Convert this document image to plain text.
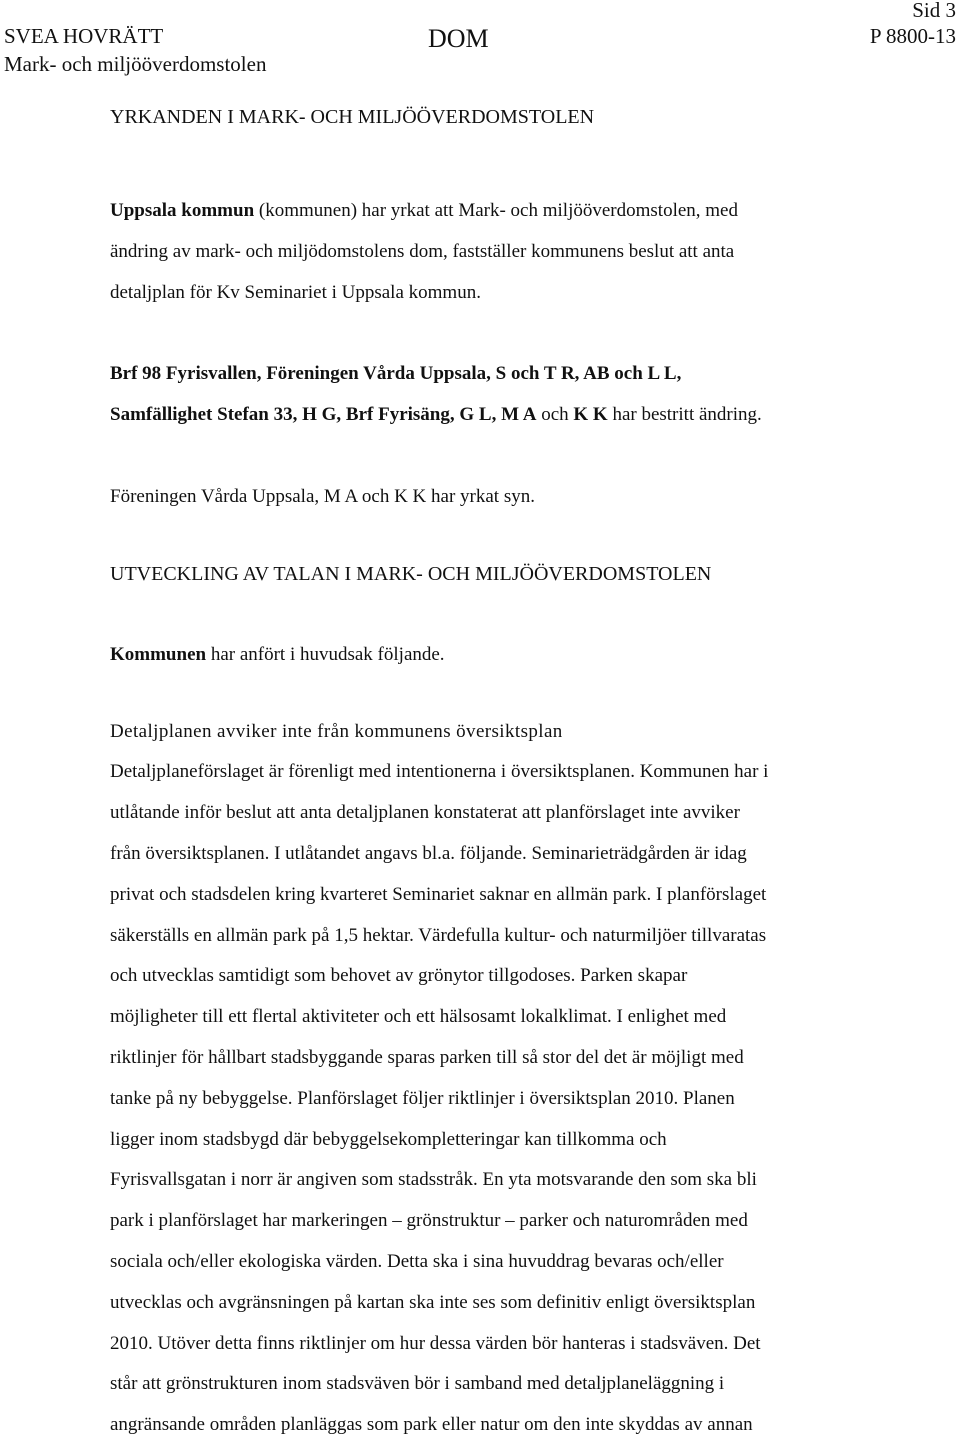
SVEA HOVRÄTT
Mark- och miljööverdomstolen
DOM
Sid 3
P 8800-13
YRKANDEN I MARK- OCH MILJÖÖVERDOMSTOLEN

Uppsala kommun (kommunen) har yrkat att Mark- och miljööverdomstolen, med
ändring av mark- och miljödomstolens dom, fastställer kommunens beslut att anta
detaljplan för Kv Seminariet i Uppsala kommun.

Brf 98 Fyrisvallen, Föreningen Vårda Uppsala, S och T R, AB och L L,
Samfällighet Stefan 33, H G, Brf Fyrisäng, G L, M A och K K har bestritt ändring.

Föreningen Vårda Uppsala, M A och K K har yrkat syn.

UTVECKLING AV TALAN I MARK- OCH MILJÖÖVERDOMSTOLEN

Kommunen har anfört i huvudsak följande.

Detaljplanen avviker inte från kommunens översiktsplan

Detaljplaneförslaget är förenligt med intentionerna i översiktsplanen. Kommunen har i
utlåtande inför beslut att anta detaljplanen konstaterat att planförslaget inte avviker
från översiktsplanen. I utlåtandet angavs bl.a. följande. Seminarieträdgården är idag
privat och stadsdelen kring kvarteret Seminariet saknar en allmän park. I planförslaget
säkerställs en allmän park på 1,5 hektar. Värdefulla kultur- och naturmiljöer tillvaratas
och utvecklas samtidigt som behovet av grönytor tillgodoses. Parken skapar
möjligheter till ett flertal aktiviteter och ett hälsosamt lokalklimat. I enlighet med
riktlinjer för hållbart stadsbyggande sparas parken till så stor del det är möjligt med
tanke på ny bebyggelse. Planförslaget följer riktlinjer i översiktsplan 2010. Planen
ligger inom stadsbygd där bebyggelsekompletteringar kan tillkomma och
Fyrisvallsgatan i norr är angiven som stadsstråk. En yta motsvarande den som ska bli
park i planförslaget har markeringen – grönstruktur – parker och naturområden med
sociala och/eller ekologiska värden. Detta ska i sina huvuddrag bevaras och/eller
utvecklas och avgränsningen på kartan ska inte ses som definitiv enligt översiktsplan
2010. Utöver detta finns riktlinjer om hur dessa värden bör hanteras i stadsväven. Det
står att grönstrukturen inom stadsväven bör i samband med detaljplaneläggning i
angränsande områden planläggas som park eller natur om den inte skyddas av annan
